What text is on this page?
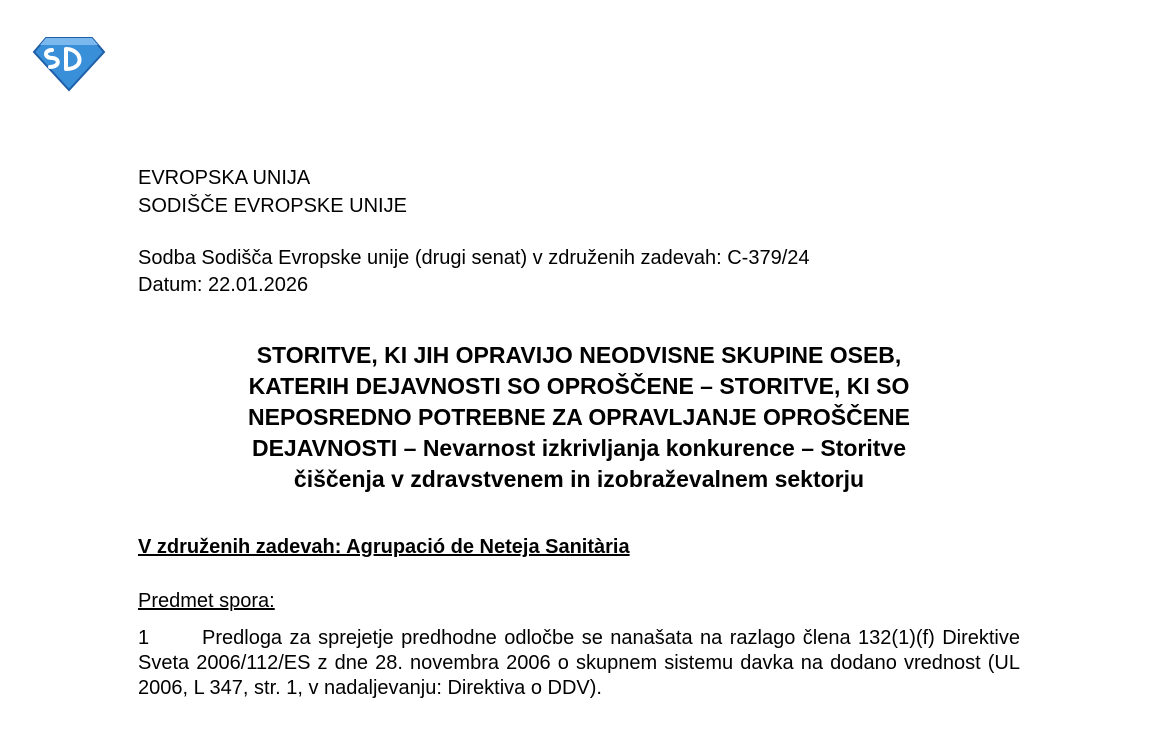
EVROPSKA UNIJA
SODIŠČE EVROPSKE UNIJE
Sodba Sodišča Evropske unije (drugi senat) v združenih zadevah: C-379/24
Datum: 22.01.2026
STORITVE, KI JIH OPRAVIJO NEODVISNE SKUPINE OSEB,
KATERIH DEJAVNOSTI SO OPROŠČENE – STORITVE, KI SO
NEPOSREDNO POTREBNE ZA OPRAVLJANJE OPROŠČENE
DEJAVNOSTI – Nevarnost izkrivljanja konkurence – Storitve
čiščenja v zdravstvenem in izobraževalnem sektorju
V združenih zadevah: Agrupació de Neteja Sanitària
Predmet spora:

1	Predloga za sprejetje predhodne odločbe se nanašata na razlago člena 132(1)(f) Direktive Sveta 2006/112/ES z dne 28. novembra 2006 o skupnem sistemu davka na dodano vrednost (UL 2006, L 347, str. 1, v nadaljevanju: Direktiva o DDV).
